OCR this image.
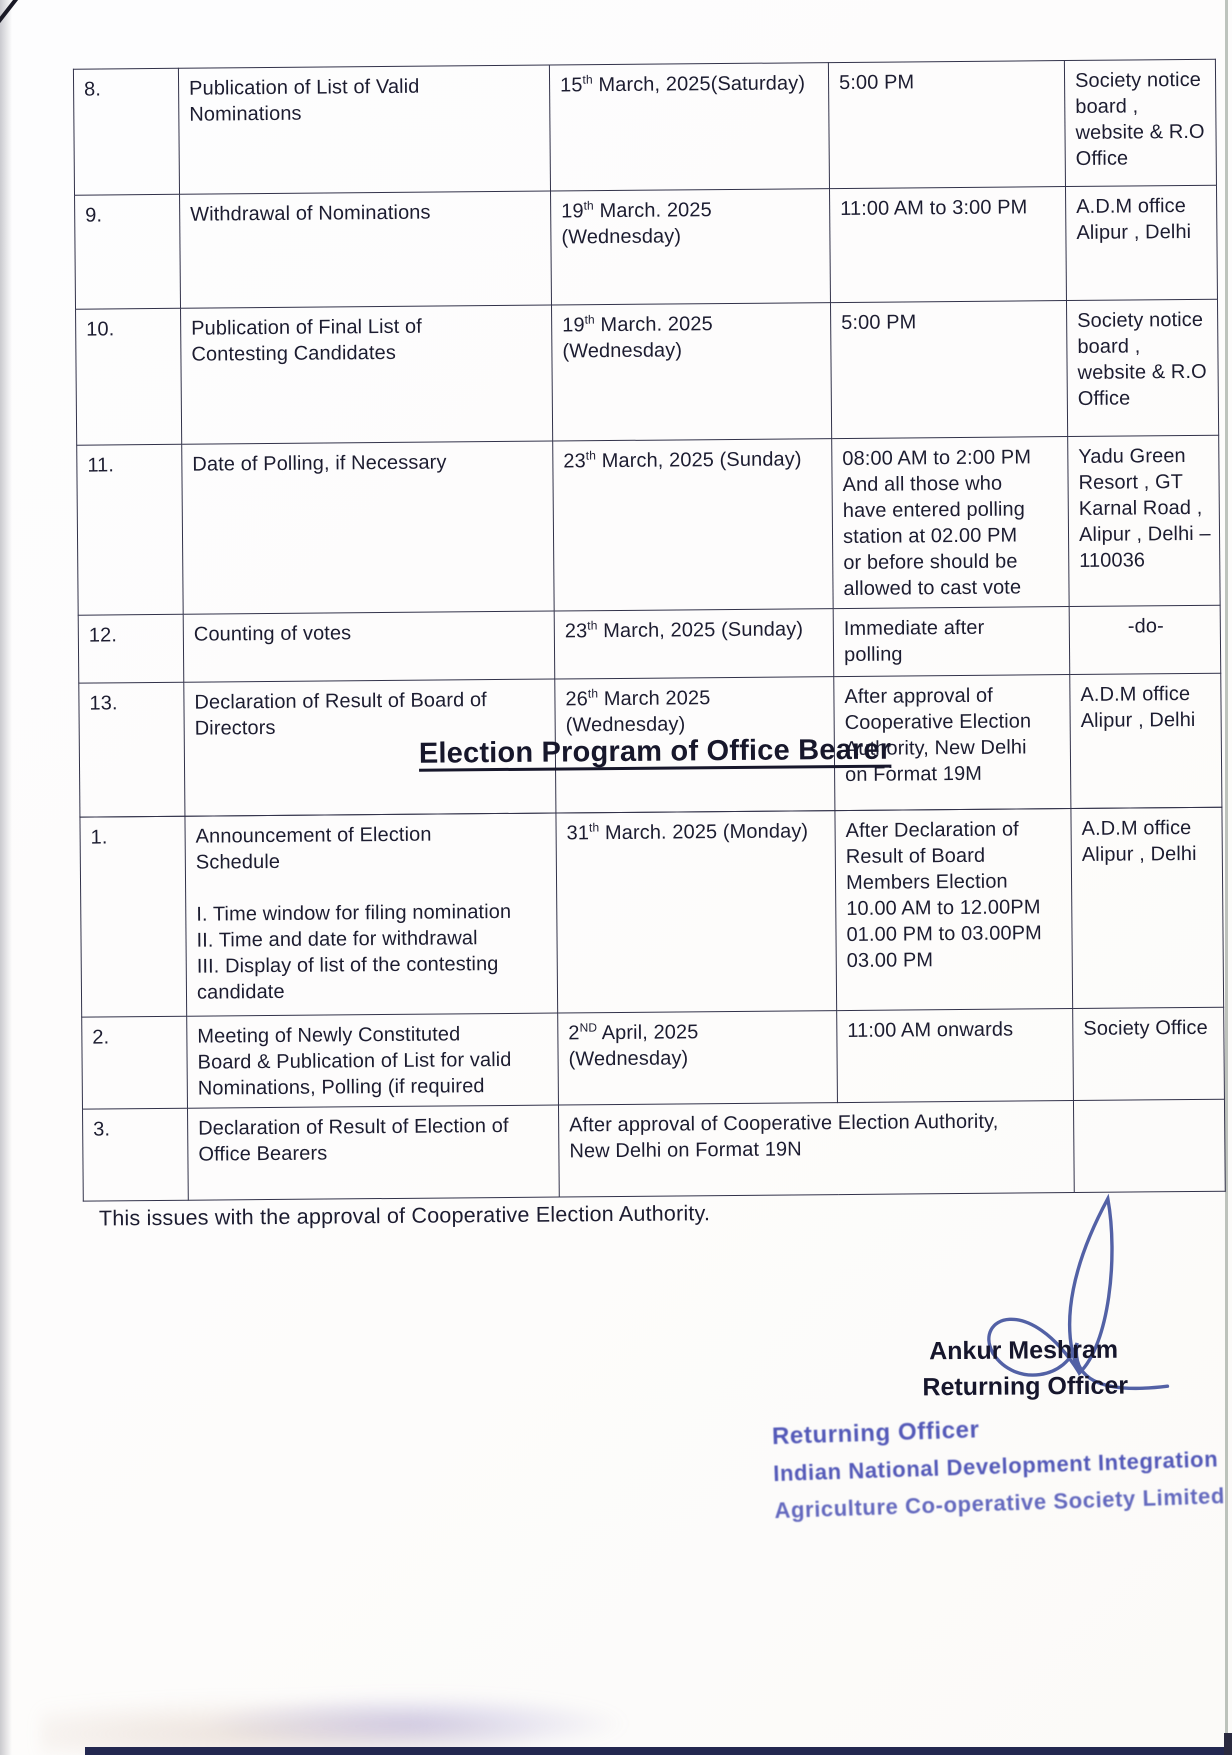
8.	Publication of List of Valid
Nominations	15th March, 2025(Saturday)	5:00 PM	Society notice
board ,
website & R.O
Office
9.	Withdrawal of Nominations	19th March. 2025
(Wednesday)	11:00 AM to 3:00 PM	A.D.M office
Alipur , Delhi
10.	Publication of Final List of
Contesting Candidates	19th March. 2025
(Wednesday)	5:00 PM	Society notice
board ,
website & R.O
Office
11.	Date of Polling, if Necessary	23th March, 2025 (Sunday)	08:00 AM to 2:00 PM
And all those who
have entered polling
station at 02.00 PM
or before should be
allowed to cast vote	Yadu Green
Resort , GT
Karnal Road ,
Alipur , Delhi –
110036
12.	Counting of votes	23th March, 2025 (Sunday)	Immediate after
polling	-do-
13.	Declaration of Result of Board of
Directors	26th March 2025
(Wednesday)	After approval of
Cooperative Election
Authority, New Delhi
on Format 19M	A.D.M office
Alipur , Delhi
Election Program of Office Bearer
1.	Announcement of Election
Schedule

I. Time window for filing nomination
II. Time and date for withdrawal
III. Display of list of the contesting
candidate	31th March. 2025 (Monday)	After Declaration of
Result of Board
Members Election
10.00 AM to 12.00PM
01.00 PM to 03.00PM
03.00 PM	A.D.M office
Alipur , Delhi
2.	Meeting of Newly Constituted
Board & Publication of List for valid
Nominations, Polling (if required	2ND April, 2025
(Wednesday)	11:00 AM onwards	Society Office
3.	Declaration of Result of Election of
Office Bearers	After approval of Cooperative Election Authority,
New Delhi on Format 19N		
This issues with the approval of Cooperative Election Authority.
Ankur Meshram
Returning Officer
Returning Officer
Indian National Development Integration
Agriculture Co-operative Society Limited
